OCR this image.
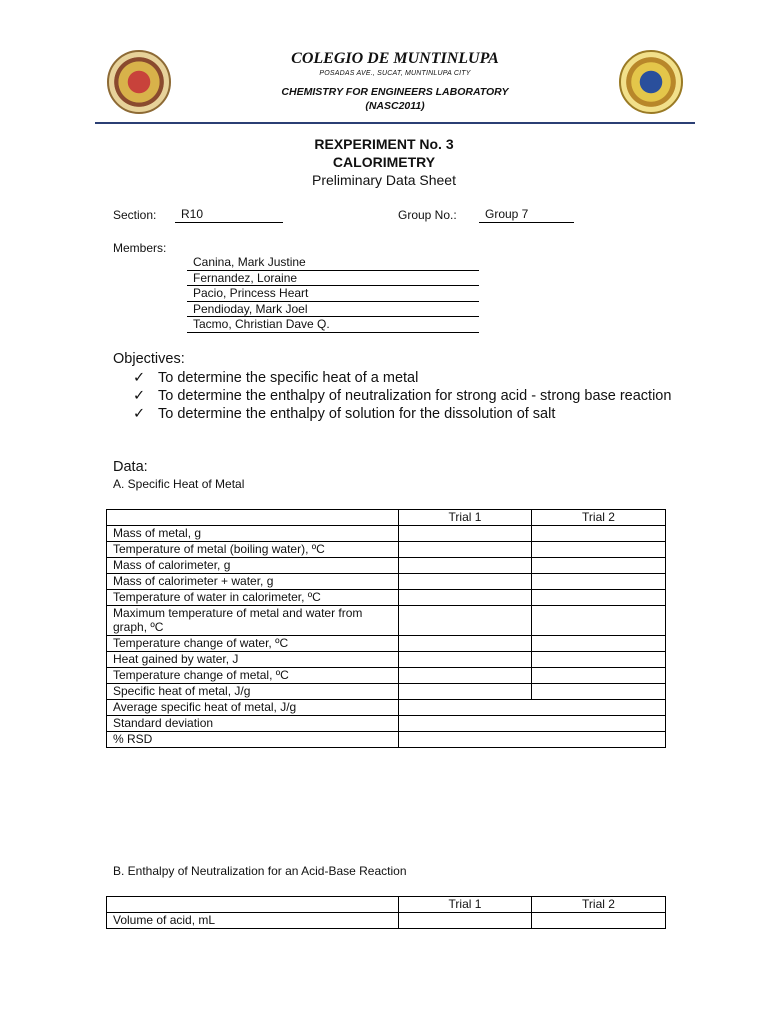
COLEGIO DE MUNTINLUPA
POSADAS AVE., SUCAT, MUNTINLUPA CITY
CHEMISTRY FOR ENGINEERS LABORATORY
(NASC2011)
REXPERIMENT No. 3
CALORIMETRY
Preliminary Data Sheet
Section:	R10	Group No.:	Group 7
Members:
Canina, Mark Justine
Fernandez, Loraine
Pacio, Princess Heart
Pendioday, Mark Joel
Tacmo, Christian Dave Q.
Objectives:
✓ To determine the specific heat of a metal
✓ To determine the enthalpy of neutralization for strong acid - strong base reaction
✓ To determine the enthalpy of solution for the dissolution of salt
Data:
A. Specific Heat of Metal
	Trial 1	Trial 2
Mass of metal, g		
Temperature of metal (boiling water), ºC		
Mass of calorimeter, g		
Mass of calorimeter + water, g		
Temperature of water in calorimeter, ºC		
Maximum temperature of metal and water from graph, ºC		
Temperature change of water, ºC		
Heat gained by water, J		
Temperature change of metal, ºC		
Specific heat of metal, J/g		
Average specific heat of metal, J/g		
Standard deviation		
% RSD		
B. Enthalpy of Neutralization for an Acid-Base Reaction
	Trial 1	Trial 2
Volume of acid, mL		
